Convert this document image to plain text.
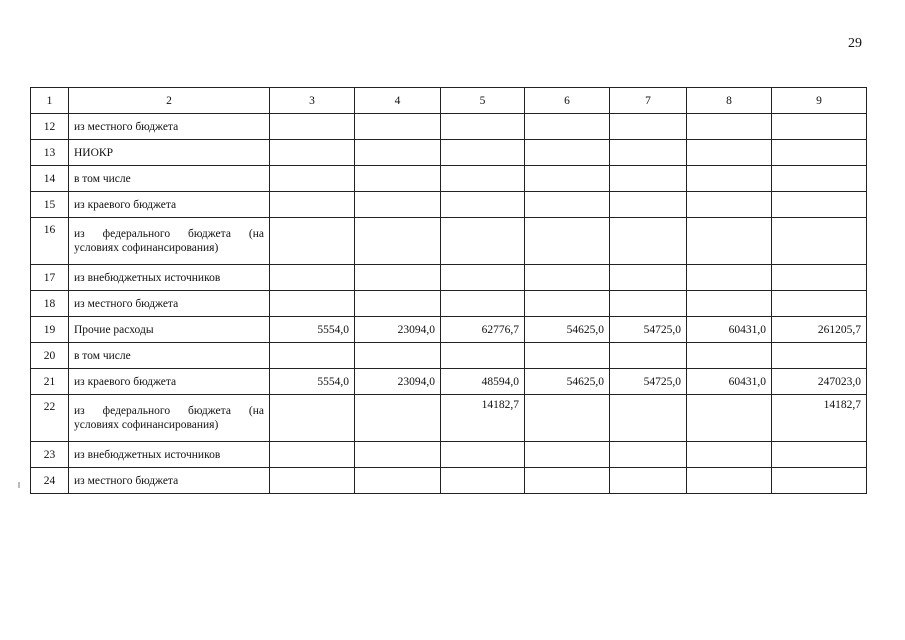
29
1	2	3	4	5	6	7	8	9
12	из местного бюджета							
13	НИОКР							
14	в том числе							
15	из краевого бюджета							
16	из федерального бюджета (на условиях софинансирования)							
17	из внебюджетных источников							
18	из местного бюджета							
19	Прочие расходы	5554,0	23094,0	62776,7	54625,0	54725,0	60431,0	261205,7
20	в том числе							
21	из краевого бюджета	5554,0	23094,0	48594,0	54625,0	54725,0	60431,0	247023,0
22	из федерального бюджета (на условиях софинансирования)			14182,7				14182,7
23	из внебюджетных источников							
24	из местного бюджета							
